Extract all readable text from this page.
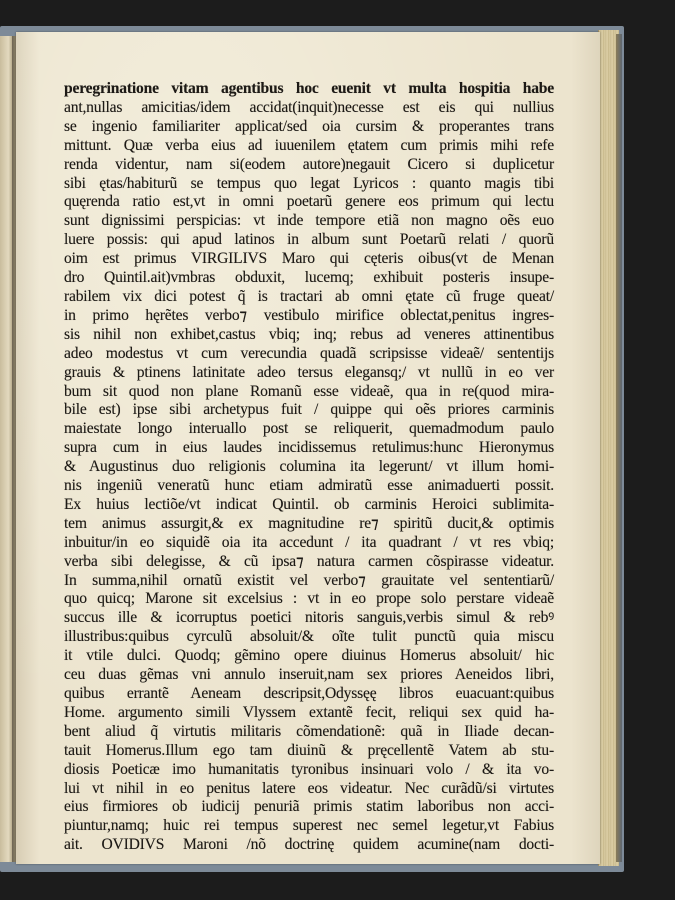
peregrinatione vitam agentibus hoc euenit vt multa hospitia habe
ant,nullas amicitias/idem accidat(inquit)necesse est eis qui nullius
se ingenio familiariter applicat/sed oia cursim & properantes trans
mittunt. Quæ verba eius ad iuuenilem ętatem cum primis mihi refe
renda videntur, nam si(eodem autore)negauit Cicero si duplicetur
sibi ętas/habiturũ se tempus quo legat Lyricos : quanto magis tibi
quęrenda ratio est,vt in omni poetarũ genere eos primum qui lectu
sunt dignissimi perspicias: vt inde tempore etiã non magno oẽs euo
luere possis: qui apud latinos in album sunt Poetarũ relati / quorũ
oim est primus VIRGILIVS Maro qui cęteris oibus(vt de Menan
dro Quintil.ait)vmbras obduxit, lucemq; exhibuit posteris insupe-
rabilem vix dici potest q̃ is tractari ab omni ętate cũ fruge queat/
in primo hęrẽtes verbo⁊ vestibulo mirifice oblectat,penitus ingres-
sis nihil non exhibet,castus vbiq; inq; rebus ad veneres attinentibus
adeo modestus vt cum verecundia quadã scripsisse videaẽ/ sententijs
grauis & ptinens latinitate adeo tersus elegansq;/ vt nullũ in eo ver
bum sit quod non plane Romanũ esse videaẽ, qua in re(quod mira-
bile est) ipse sibi archetypus fuit / quippe qui oẽs priores carminis
maiestate longo interuallo post se reliquerit, quemadmodum paulo
supra cum in eius laudes incidissemus retulimus:hunc Hieronymus
& Augustinus duo religionis columina ita legerunt/ vt illum homi-
nis ingeniũ veneratũ hunc etiam admiratũ esse animaduerti possit.
Ex huius lectiõe/vt indicat Quintil. ob carminis Heroici sublimita-
tem animus assurgit,& ex magnitudine re⁊ spiritũ ducit,& optimis
inbuitur/in eo siquidẽ oia ita accedunt / ita quadrant / vt res vbiq;
verba sibi delegisse, & cũ ipsa⁊ natura carmen cõspirasse videatur.
In summa,nihil ornatũ existit vel verbo⁊ grauitate vel sententiarũ/
quo quicq; Marone sit excelsius : vt in eo prope solo perstare videaẽ
succus ille & icorruptus poetici nitoris sanguis,verbis simul & rebꝰ
illustribus:quibus cyrculũ absoluit/& oĩte tulit punctũ quia miscu
it vtile dulci. Quodq; gẽmino opere diuinus Homerus absoluit/ hic
ceu duas gẽmas vni annulo inseruit,nam sex priores Aeneidos libri,
quibus errantẽ Aeneam descripsit,Odyssęę libros euacuant:quibus
Home. argumento simili Vlyssem extantẽ fecit, reliqui sex quid ha-
bent aliud q̃ virtutis militaris cõmendationẽ: quã in Iliade decan-
tauit Homerus.Illum ego tam diuinũ & pręcellentẽ Vatem ab stu-
diosis Poeticæ imo humanitatis tyronibus insinuari volo / & ita vo-
lui vt nihil in eo penitus latere eos videatur. Nec curãdũ/si virtutes
eius firmiores ob iudicij penuriã primis statim laboribus non acci-
piuntur,namq; huic rei tempus superest nec semel legetur,vt Fabius
ait. OVIDIVS Maroni /nõ doctrinę quidem acumine(nam docti-
